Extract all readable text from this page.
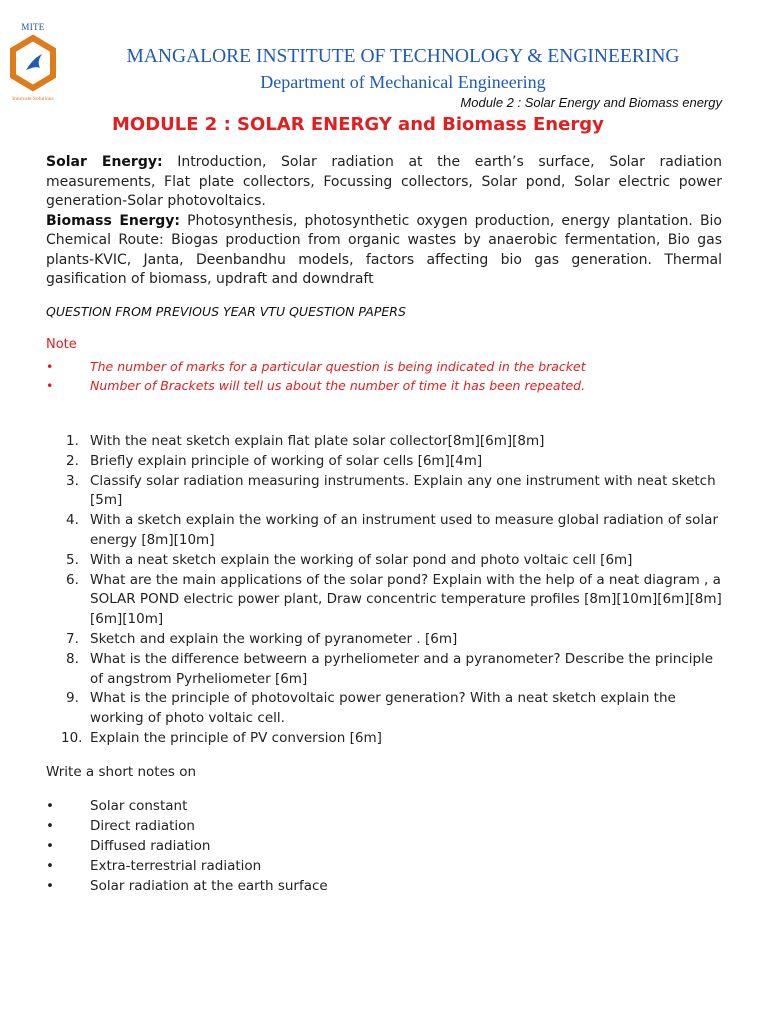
MITE
Innovate Solutions
MANGALORE INSTITUTE OF TECHNOLOGY & ENGINEERING
Department of Mechanical Engineering
Module 2 : Solar Energy and Biomass energy
MODULE 2 : SOLAR ENERGY and Biomass Energy

Solar Energy: Introduction, Solar radiation at the earth’s surface, Solar radiation measurements, Flat plate collectors, Focussing collectors, Solar pond, Solar electric power generation-Solar photovoltaics.

Biomass Energy: Photosynthesis, photosynthetic oxygen production, energy plantation. Bio Chemical Route: Biogas production from organic wastes by anaerobic fermentation, Bio gas plants-KVIC, Janta, Deenbandhu models, factors affecting bio gas generation. Thermal gasification of biomass, updraft and downdraft

QUESTION FROM PREVIOUS YEAR VTU QUESTION PAPERS
Note
•	The number of marks for a particular question is being indicated in the bracket
•	Number of Brackets will tell us about the number of time it has been repeated.
1. With the neat sketch explain flat plate solar collector[8m][6m][8m]
2. Briefly explain principle of working of solar cells [6m][4m]
3. Classify solar radiation measuring instruments. Explain any one instrument with neat sketch [5m]
4. With a sketch explain the working of an instrument used to measure global radiation of solar energy [8m][10m]
5. With a neat sketch explain the working of solar pond and photo voltaic cell [6m]
6. What are the main applications of the solar pond? Explain with the help of a neat diagram , a SOLAR POND electric power plant, Draw concentric temperature profiles [8m][10m][6m][8m][6m][10m]
7. Sketch and explain the working of pyranometer . [6m]
8. What is the difference betweern a pyrheliometer and a pyranometer? Describe the principle of angstrom Pyrheliometer [6m]
9. What is the principle of photovoltaic power generation? With a neat sketch explain the working of photo voltaic cell.
10. Explain the principle of PV conversion [6m]
Write a short notes on
•	Solar constant
•	Direct radiation
•	Diffused radiation
•	Extra-terrestrial radiation
•	Solar radiation at the earth surface
